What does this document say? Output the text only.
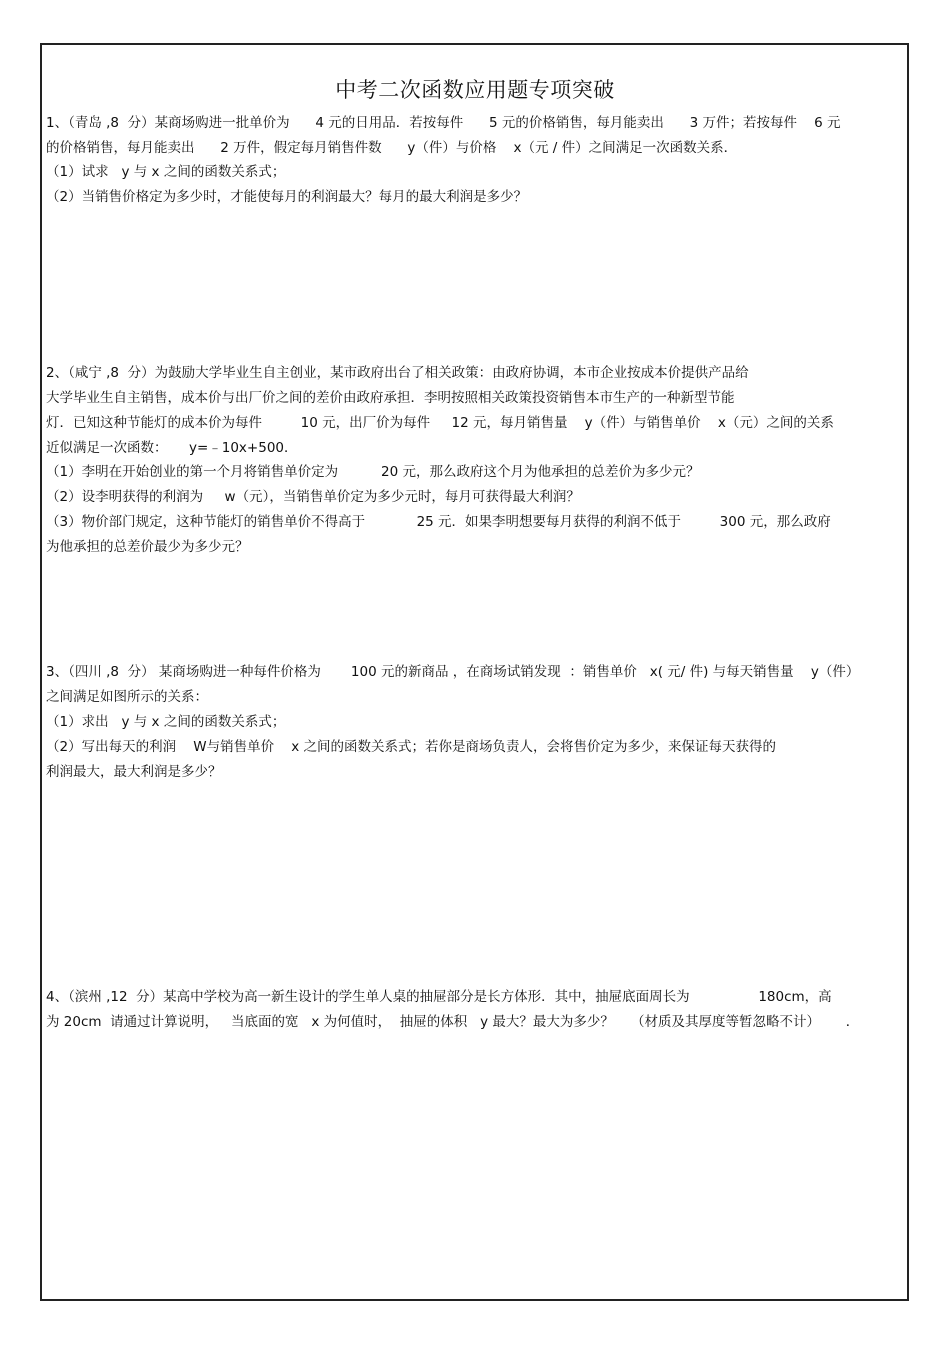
中考二次函数应用题专项突破
1、（青岛 ,8  分）某商场购进一批单价为      4 元的日用品．若按每件      5 元的价格销售，每月能卖出      3 万件；若按每件    6 元
的价格销售，每月能卖出      2 万件，假定每月销售件数      y（件）与价格    x（元 / 件）之间满足一次函数关系．
（1）试求   y 与 x 之间的函数关系式；
（2）当销售价格定为多少时，才能使每月的利润最大？每月的最大利润是多少？
2、（咸宁 ,8  分）为鼓励大学毕业生自主创业，某市政府出台了相关政策：由政府协调，本市企业按成本价提供产品给
大学毕业生自主销售，成本价与出厂价之间的差价由政府承担．李明按照相关政策投资销售本市生产的一种新型节能
灯．已知这种节能灯的成本价为每件         10 元，出厂价为每件     12 元，每月销售量    y（件）与销售单价    x（元）之间的关系
近似满足一次函数：     y=﹣10x+500．
（1）李明在开始创业的第一个月将销售单价定为          20 元，那么政府这个月为他承担的总差价为多少元？
（2）设李明获得的利润为     w（元），当销售单价定为多少元时，每月可获得最大利润？
（3）物价部门规定，这种节能灯的销售单价不得高于            25 元．如果李明想要每月获得的利润不低于         300 元，那么政府
为他承担的总差价最少为多少元？
3、（四川 ,8  分） 某商场购进一种每件价格为       100 元的新商品 ，在商场试销发现  ：销售单价   x( 元/ 件) 与每天销售量    y（件）
之间满足如图所示的关系：
（1）求出   y 与 x 之间的函数关系式；
（2）写出每天的利润    W与销售单价    x 之间的函数关系式；若你是商场负责人，会将售价定为多少，来保证每天获得的
利润最大，最大利润是多少？
4、（滨州 ,12  分）某高中学校为高一新生设计的学生单人桌的抽屉部分是长方体形．其中，抽屉底面周长为                180cm，高
为 20cm  请通过计算说明，   当底面的宽   x 为何值时，  抽屉的体积   y 最大？最大为多少？    （材质及其厚度等暂忽略不计）      ．
